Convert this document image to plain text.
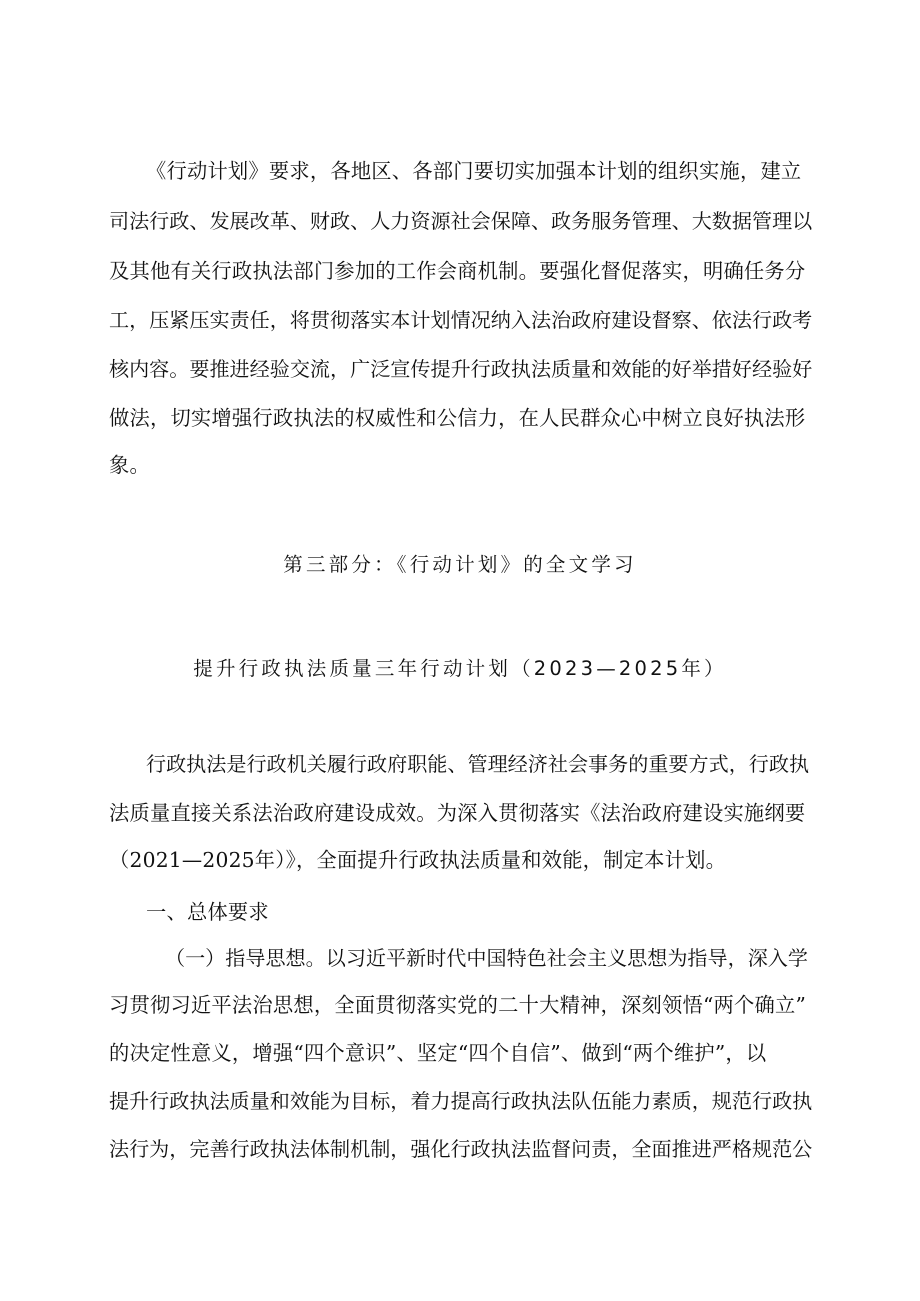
《行动计划》要求，各地区、各部门要切实加强本计划的组织实施，建立
司法行政、发展改革、财政、人力资源社会保障、政务服务管理、大数据管理以
及其他有关行政执法部门参加的工作会商机制。要强化督促落实，明确任务分
工，压紧压实责任，将贯彻落实本计划情况纳入法治政府建设督察、依法行政考
核内容。要推进经验交流，广泛宣传提升行政执法质量和效能的好举措好经验好
做法，切实增强行政执法的权威性和公信力，在人民群众心中树立良好执法形
象。
第三部分：《行动计划》的全文学习
提升行政执法质量三年行动计划（2023—2025年）
行政执法是行政机关履行政府职能、管理经济社会事务的重要方式，行政执
法质量直接关系法治政府建设成效。为深入贯彻落实《法治政府建设实施纲要
（2021—2025年）》，全面提升行政执法质量和效能，制定本计划。
一、总体要求
（一）指导思想。以习近平新时代中国特色社会主义思想为指导，深入学
习贯彻习近平法治思想，全面贯彻落实党的二十大精神，深刻领悟“两个确立”
的决定性意义，增强“四个意识”、坚定“四个自信”、做到“两个维护”，以
提升行政执法质量和效能为目标，着力提高行政执法队伍能力素质，规范行政执
法行为，完善行政执法体制机制，强化行政执法监督问责，全面推进严格规范公
